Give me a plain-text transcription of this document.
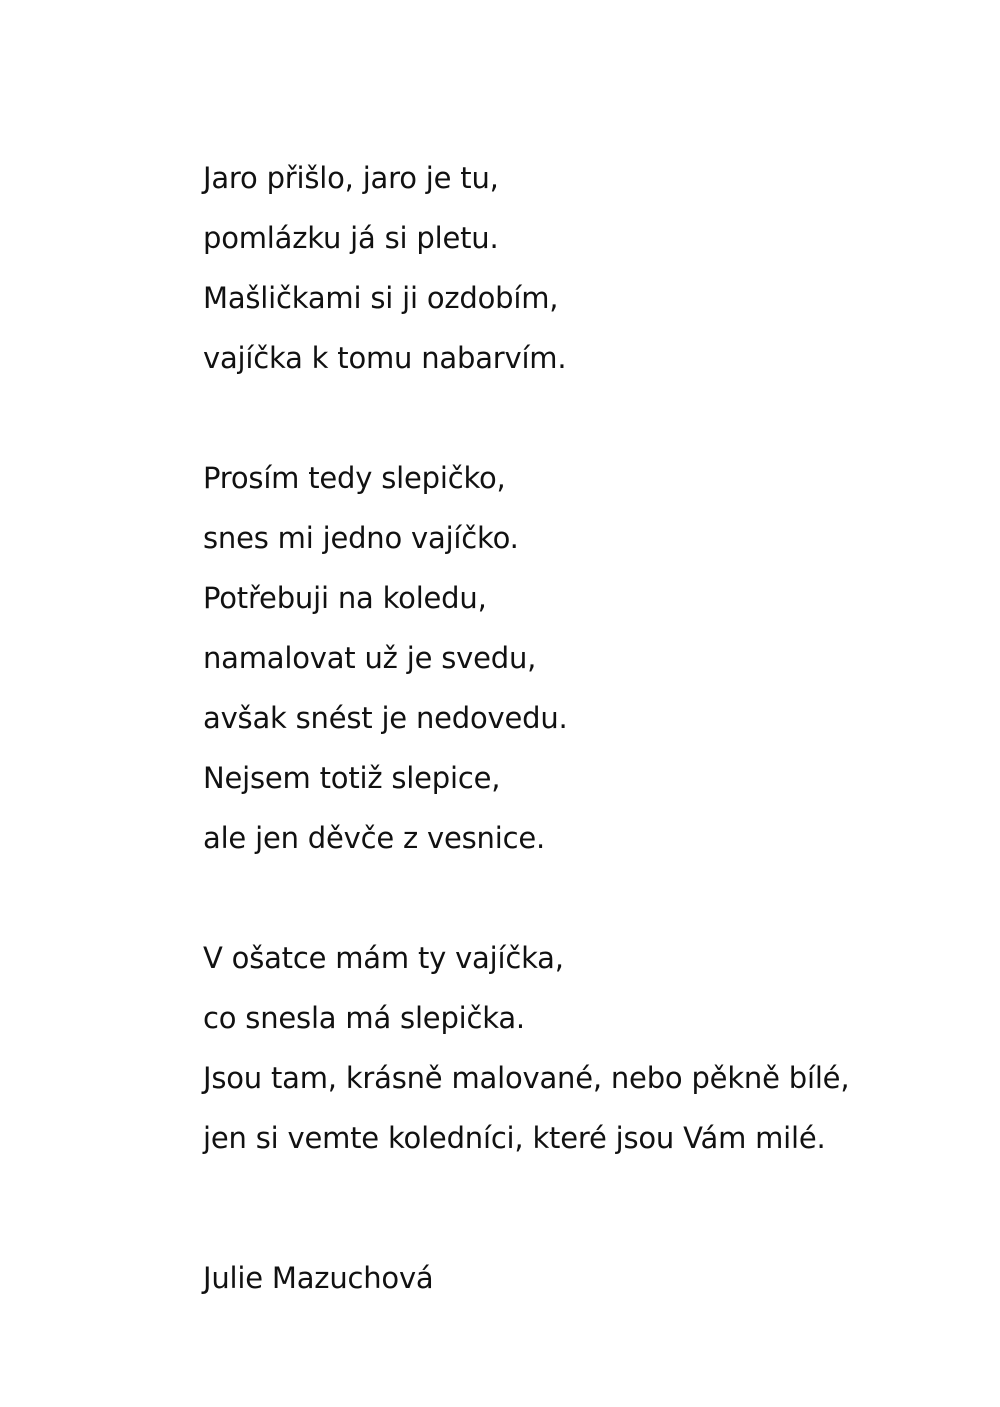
Jaro přišlo, jaro je tu,
pomlázku já si pletu.
Mašličkami si ji ozdobím,
vajíčka k tomu nabarvím.
Prosím tedy slepičko,
snes mi jedno vajíčko.
Potřebuji na koledu,
namalovat už je svedu,
avšak snést je nedovedu.
Nejsem totiž slepice,
ale jen děvče z vesnice.
V ošatce mám ty vajíčka,
co snesla má slepička.
Jsou tam, krásně malované, nebo pěkně bílé,
jen si vemte koledníci, které jsou Vám milé.
Julie Mazuchová
